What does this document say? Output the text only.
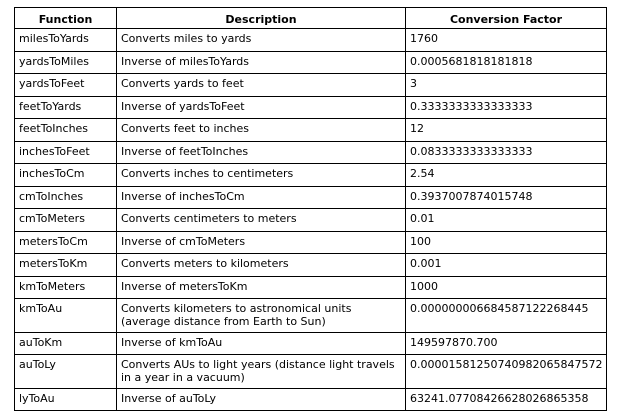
Function	Description	Conversion Factor
milesToYards	Converts miles to yards	1760
yardsToMiles	Inverse of milesToYards	0.0005681818181818
yardsToFeet	Converts yards to feet	3
feetToYards	Inverse of yardsToFeet	0.3333333333333333
feetToInches	Converts feet to inches	12
inchesToFeet	Inverse of feetToInches	0.0833333333333333
inchesToCm	Converts inches to centimeters	2.54
cmToInches	Inverse of inchesToCm	0.3937007874015748
cmToMeters	Converts centimeters to meters	0.01
metersToCm	Inverse of cmToMeters	100
metersToKm	Converts meters to kilometers	0.001
kmToMeters	Inverse of metersToKm	1000
kmToAu	Converts kilometers to astronomical units (average distance from Earth to Sun)	0.000000006684587122268445
auToKm	Inverse of kmToAu	149597870.700
auToLy	Converts AUs to light years (distance light travels in a year in a vacuum)	0.00001581250740982065847572
lyToAu	Inverse of auToLy	63241.07708426628026865358
